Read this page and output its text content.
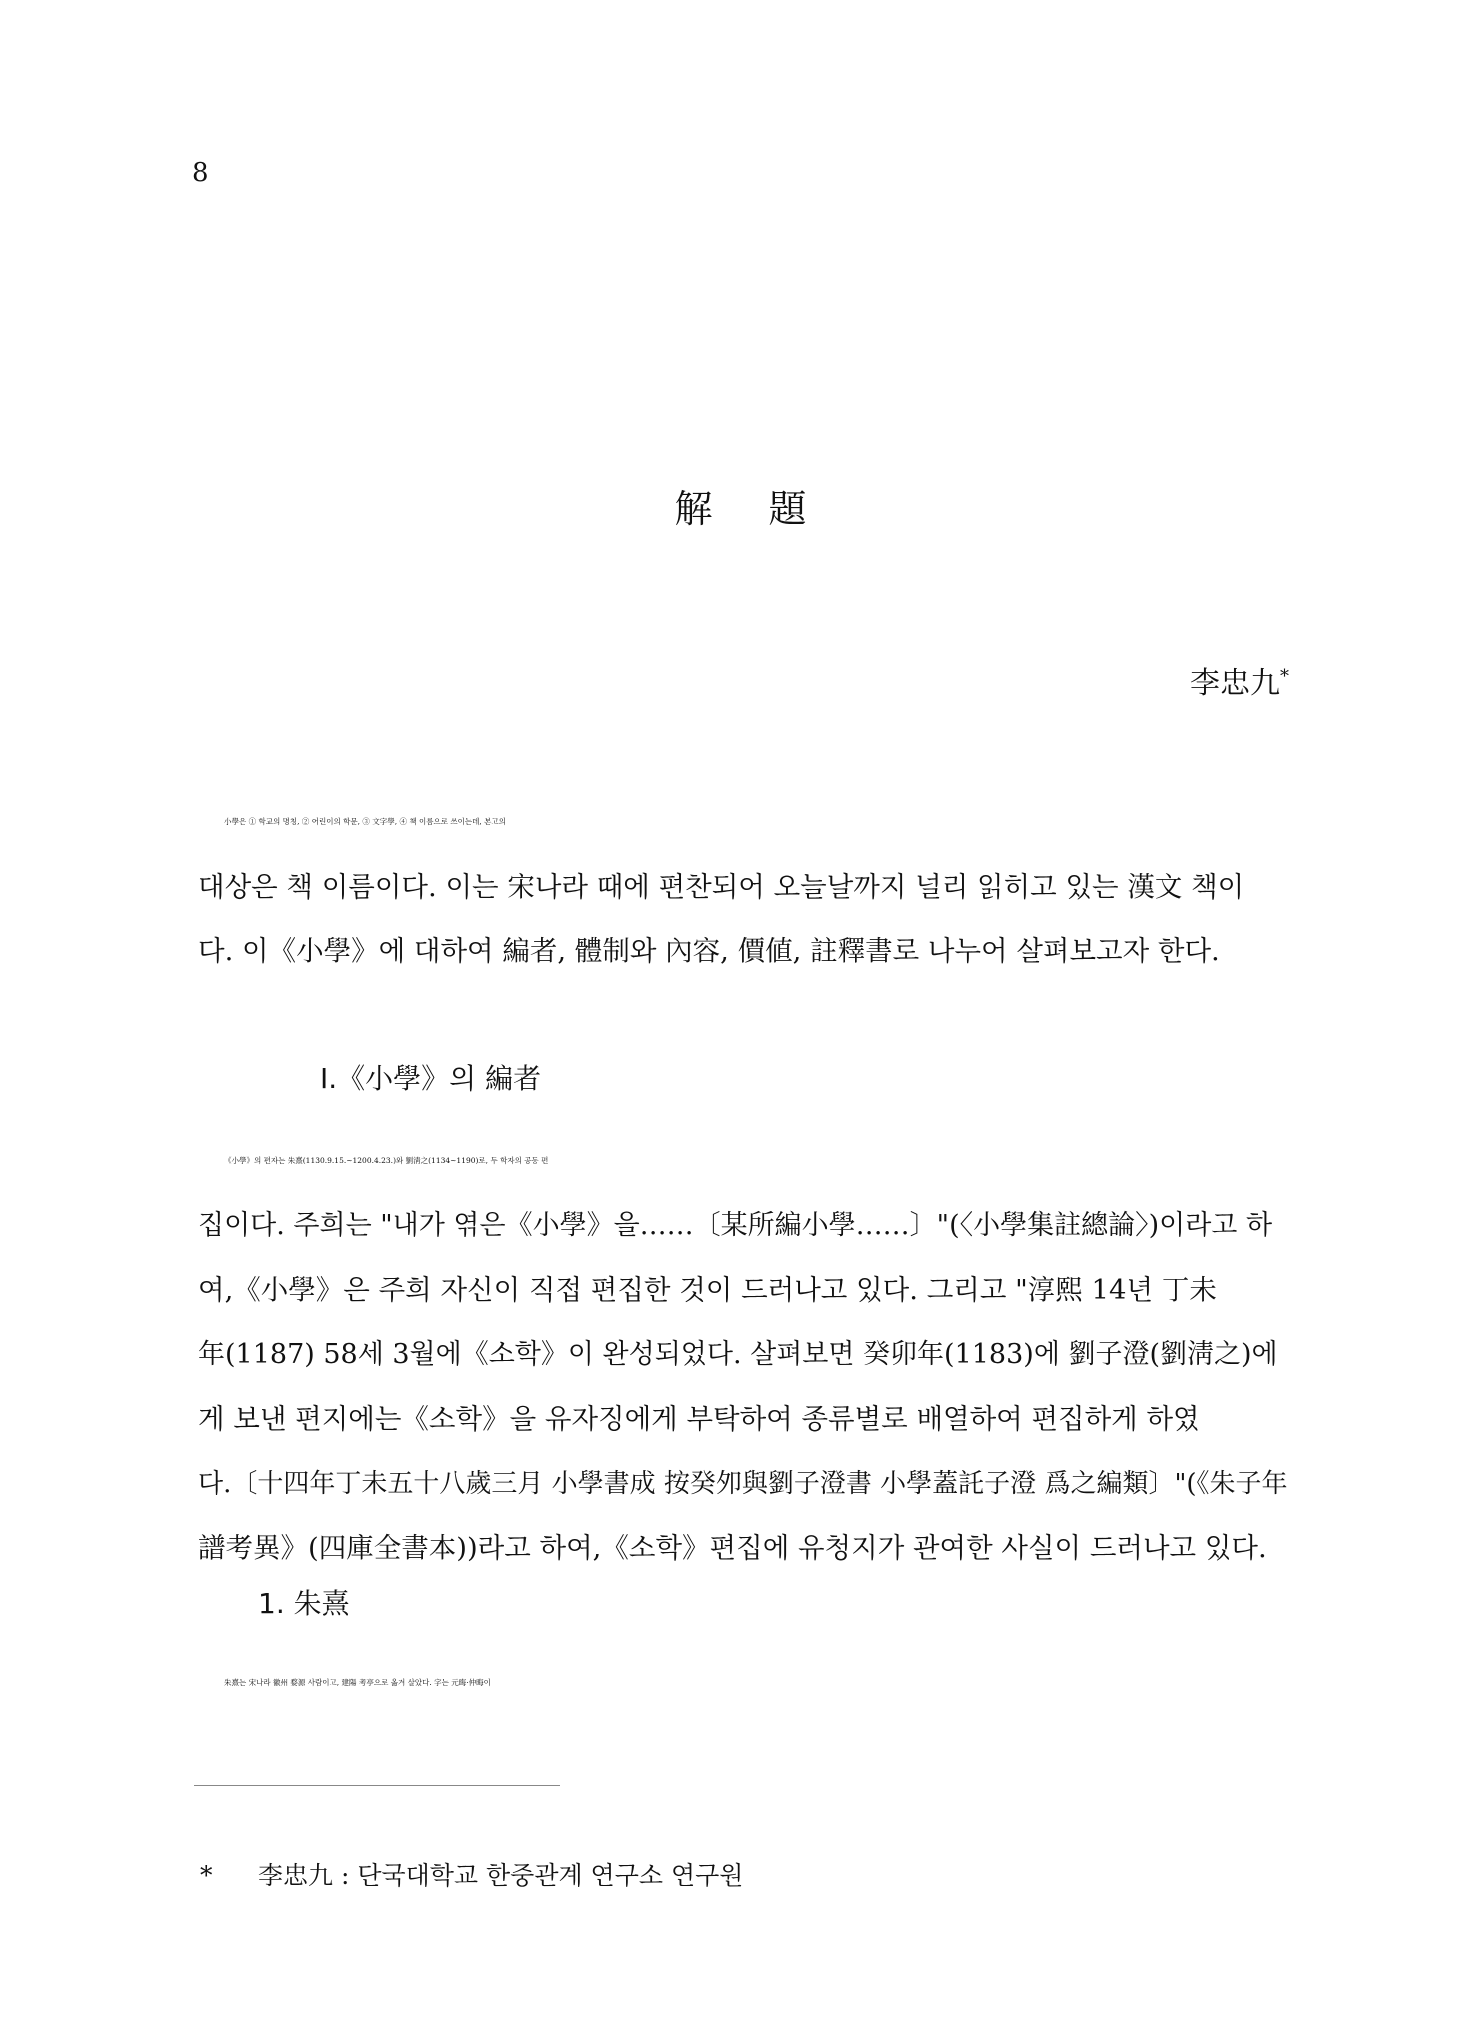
8
解 題
李忠九*
小學은 ① 학교의 명칭, ② 어린이의 학문, ③ 文字學, ④ 책 이름으로 쓰이는데, 본고의
대상은 책 이름이다. 이는 宋나라 때에 편찬되어 오늘날까지 널리 읽히고 있는 漢文 책이
다. 이《小學》에 대하여 編者, 體制와 內容, 價値, 註釋書로 나누어 살펴보고자 한다.
Ⅰ.《小學》의 編者
《小學》의 편자는 朱熹(1130.9.15.~1200.4.23.)와 劉淸之(1134~1190)로, 두 학자의 공동 편
집이다. 주희는 "내가 엮은《小學》을……〔某所編小學……〕"(〈小學集註總論〉)이라고 하
여,《小學》은 주희 자신이 직접 편집한 것이 드러나고 있다. 그리고 "淳熙 14년 丁未
年(1187) 58세 3월에《소학》이 완성되었다. 살펴보면 癸卯年(1183)에 劉子澄(劉淸之)에
게 보낸 편지에는《소학》을 유자징에게 부탁하여 종류별로 배열하여 편집하게 하였
다.〔十四年丁未五十八歲三月 小學書成 按癸夘與劉子澄書 小學蓋託子澄 爲之編類〕"(《朱子年
譜考異》(四庫全書本))라고 하여,《소학》편집에 유청지가 관여한 사실이 드러나고 있다.
1. 朱熹
朱熹는 宋나라 徽州 婺源 사람이고, 建陽 考亭으로 옮겨 살았다. 字는 元晦·仲晦이
* 李忠九 : 단국대학교 한중관계 연구소 연구원
